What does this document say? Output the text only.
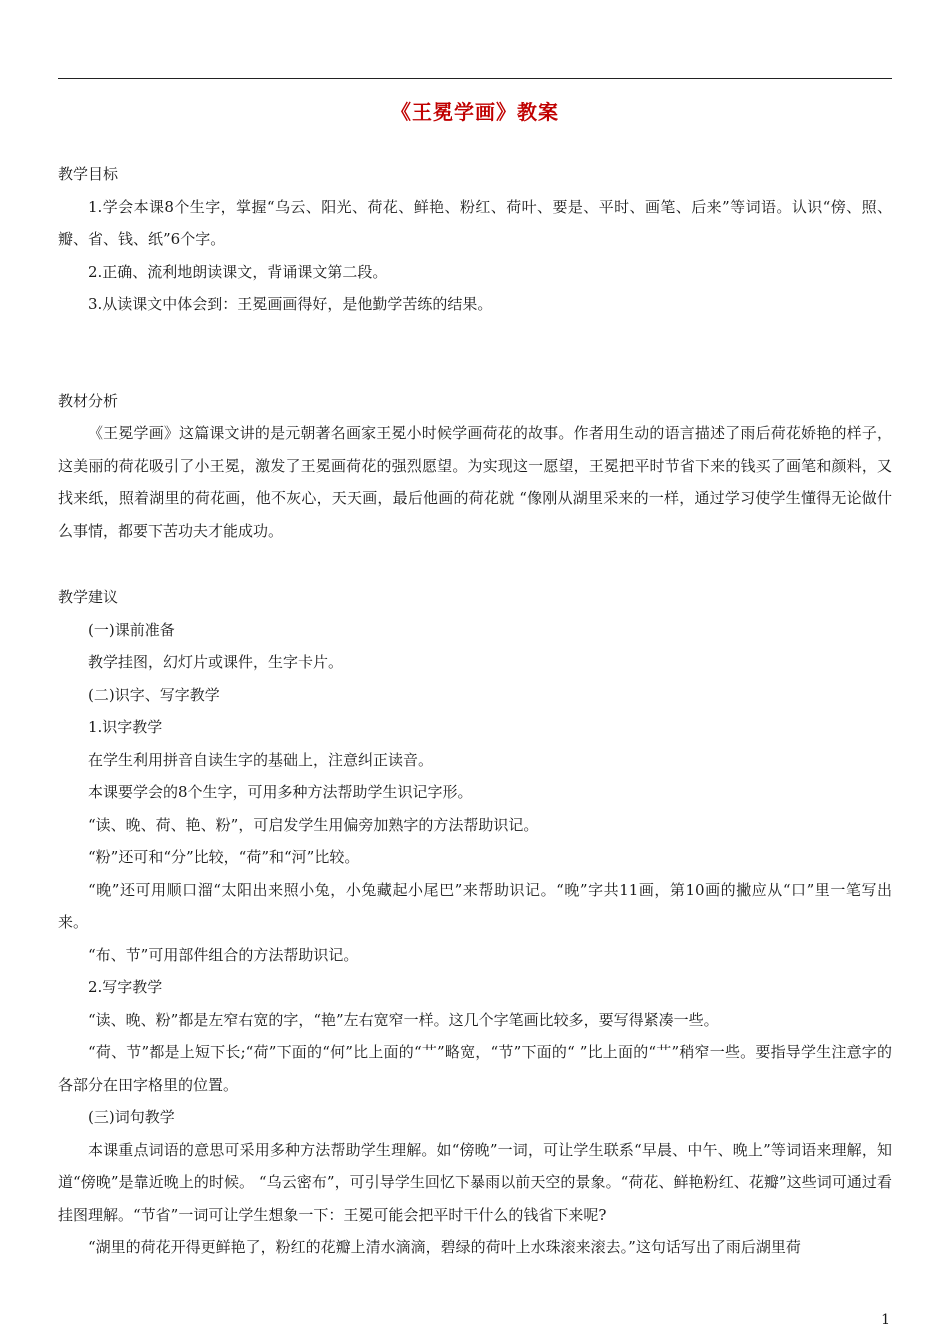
《王冕学画》教案

教学目标

1.学会本课8个生字，掌握“乌云、阳光、荷花、鲜艳、粉红、荷叶、要是、平时、画笔、后来”等词语。认识“傍、照、瓣、省、钱、纸”6个字。

2.正确、流利地朗读课文，背诵课文第二段。

3.从读课文中体会到：王冕画画得好，是他勤学苦练的结果。

教材分析

《王冕学画》这篇课文讲的是元朝著名画家王冕小时候学画荷花的故事。作者用生动的语言描述了雨后荷花娇艳的样子，这美丽的荷花吸引了小王冕，激发了王冕画荷花的强烈愿望。为实现这一愿望，王冕把平时节省下来的钱买了画笔和颜料，又找来纸，照着湖里的荷花画，他不灰心，天天画，最后他画的荷花就 “像刚从湖里采来的一样，通过学习使学生懂得无论做什么事情，都要下苦功夫才能成功。

教学建议

(一)课前准备

教学挂图，幻灯片或课件，生字卡片。

(二)识字、写字教学

1.识字教学

在学生利用拼音自读生字的基础上，注意纠正读音。

本课要学会的8个生字，可用多种方法帮助学生识记字形。

“读、晚、荷、艳、粉”，可启发学生用偏旁加熟字的方法帮助识记。

“粉”还可和“分”比较，“荷”和“河”比较。

“晚”还可用顺口溜“太阳出来照小兔，小兔藏起小尾巴”来帮助识记。“晚”字共11画，第10画的撇应从“口”里一笔写出来。

“布、节”可用部件组合的方法帮助识记。

2.写字教学

“读、晚、粉”都是左窄右宽的字，“艳”左右宽窄一样。这几个字笔画比较多，要写得紧凑一些。

“荷、节”都是上短下长;“荷”下面的“何”比上面的“艹”略宽，“节”下面的“ ”比上面的“艹”稍窄一些。要指导学生注意字的各部分在田字格里的位置。

(三)词句教学

本课重点词语的意思可采用多种方法帮助学生理解。如“傍晚”一词，可让学生联系“早晨、中午、晚上”等词语来理解，知道“傍晚”是靠近晚上的时候。 “乌云密布”，可引导学生回忆下暴雨以前天空的景象。“荷花、鲜艳粉红、花瓣”这些词可通过看挂图理解。“节省”一词可让学生想象一下：王冕可能会把平时干什么的钱省下来呢?

“湖里的荷花开得更鲜艳了，粉红的花瓣上清水滴滴，碧绿的荷叶上水珠滚来滚去。”这句话写出了雨后湖里荷

1
